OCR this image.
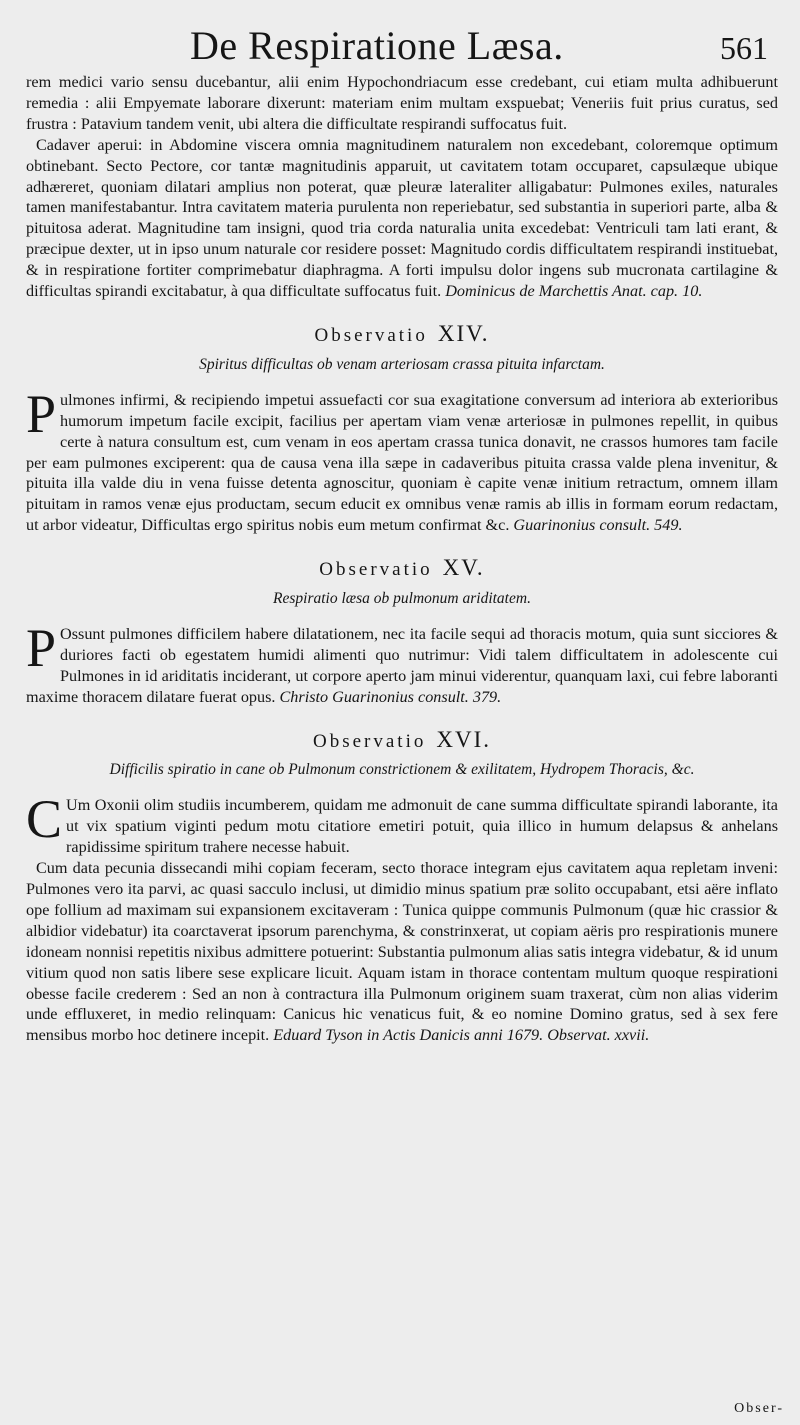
De Respiratione Læsa.	561

rem medici vario sensu ducebantur, alii enim Hypochondriacum esse credebant, cui etiam multa adhibuerunt remedia : alii Empyemate laborare dixerunt: materiam enim multam exspuebat; Veneriis fuit prius curatus, sed frustra : Patavium tandem venit, ubi altera die difficultate respirandi suffocatus fuit.

Cadaver aperui: in Abdomine viscera omnia magnitudinem naturalem non excedebant, coloremque optimum obtinebant. Secto Pectore, cor tantæ magnitudinis apparuit, ut cavitatem totam occuparet, capsulæque ubique adhæreret, quoniam dilatari amplius non poterat, quæ pleuræ lateraliter alligabatur: Pulmones exiles, naturales tamen manifestabantur. Intra cavitatem materia purulenta non reperiebatur, sed substantia in superiori parte, alba & pituitosa aderat. Magnitudine tam insigni, quod tria corda naturalia unita excedebat: Ventriculi tam lati erant, & præcipue dexter, ut in ipso unum naturale cor residere posset: Magnitudo cordis difficultatem respirandi instituebat, & in respiratione fortiter comprimebatur diaphragma. A forti impulsu dolor ingens sub mucronata cartilagine & difficultas spirandi excitabatur, à qua difficultate suffocatus fuit. Dominicus de Marchettis Anat. cap. 10.

Observatio XIV.
Spiritus difficultas ob venam arteriosam crassa pituita infarctam.

Pulmones infirmi, & recipiendo impetui assuefacti cor sua exagitatione conversum ad interiora ab exterioribus humorum impetum facile excipit, facilius per apertam viam venæ arteriosæ in pulmones repellit, in quibus certe à natura consultum est, cum venam in eos apertam crassa tunica donavit, ne crassos humores tam facile per eam pulmones exciperent: qua de causa vena illa sæpe in cadaveribus pituita crassa valde plena invenitur, & pituita illa valde diu in vena fuisse detenta agnoscitur, quoniam è capite venæ initium retractum, omnem illam pituitam in ramos venæ ejus productam, secum educit ex omnibus venæ ramis ab illis in formam eorum redactam, ut arbor videatur, Difficultas ergo spiritus nobis eum metum confirmat &c. Guarinonius consult. 549.

Observatio XV.
Respiratio læsa ob pulmonum ariditatem.

P Ossunt pulmones difficilem habere dilatationem, nec ita facile sequi ad thoracis motum, quia sunt sicciores & duriores facti ob egestatem humidi alimenti quo nutrimur: Vidi talem difficultatem in adolescente cui Pulmones in id ariditatis inciderant, ut corpore aperto jam minui viderentur, quanquam laxi, cui febre laboranti maxime thoracem dilatare fuerat opus. Christo Guarinonius consult. 379.

Observatio XVI.
Difficilis spiratio in cane ob Pulmonum constrictionem & exilitatem, Hydropem Thoracis, &c.

C Um Oxonii olim studiis incumberem, quidam me admonuit de cane summa difficultate spirandi laborante, ita ut vix spatium viginti pedum motu citatiore emetiri potuit, quia illico in humum delapsus & anhelans rapidissime spiritum trahere necesse habuit.

Cum data pecunia dissecandi mihi copiam feceram, secto thorace integram ejus cavitatem aqua repletam inveni: Pulmones vero ita parvi, ac quasi sacculo inclusi, ut dimidio minus spatium præ solito occupabant, etsi aëre inflato ope follium ad maximam sui expansionem excitaveram : Tunica quippe communis Pulmonum (quæ hic crassior & albidior videbatur) ita coarctaverat ipsorum parenchyma, & constrinxerat, ut copiam aëris pro respirationis munere idoneam nonnisi repetitis nixibus admittere potuerint: Substantia pulmonum alias satis integra videbatur, & id unum vitium quod non satis libere sese explicare licuit. Aquam istam in thorace contentam multum quoque respirationi obesse facile crederem : Sed an non à contractura illa Pulmonum originem suam traxerat, cùm non alias viderim unde effluxeret, in medio relinquam: Canicus hic venaticus fuit, & eo nomine Domino gratus, sed à sex fere mensibus morbo hoc detinere incepit. Eduard Tyson in Actis Danicis anni 1679. Observat. xxvii.

Obser-
